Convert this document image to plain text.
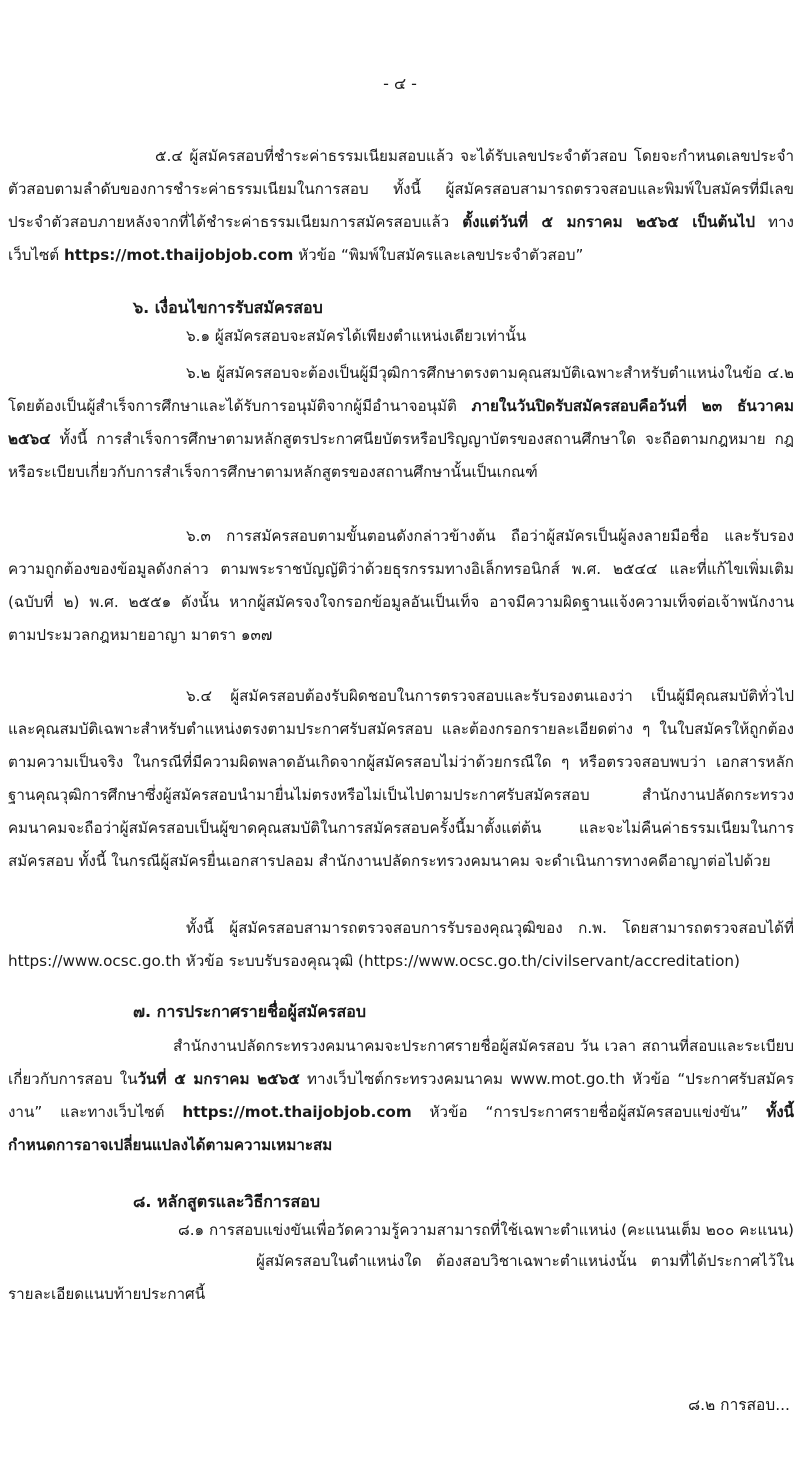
- ๔ -

๕.๔ ผู้สมัครสอบที่ชำระค่าธรรมเนียมสอบแล้ว จะได้รับเลขประจำตัวสอบ โดยจะกำหนดเลขประจำตัวสอบตามลำดับของการชำระค่าธรรมเนียมในการสอบ ทั้งนี้ ผู้สมัครสอบสามารถตรวจสอบและพิมพ์ใบสมัครที่มีเลขประจำตัวสอบภายหลังจากที่ได้ชำระค่าธรรมเนียมการสมัครสอบแล้ว ตั้งแต่วันที่ ๕ มกราคม ๒๕๖๕ เป็นต้นไป ทางเว็บไซต์ https://mot.thaijobjob.com หัวข้อ “พิมพ์ใบสมัครและเลขประจำตัวสอบ”

๖. เงื่อนไขการรับสมัครสอบ

๖.๑ ผู้สมัครสอบจะสมัครได้เพียงตำแหน่งเดียวเท่านั้น

๖.๒ ผู้สมัครสอบจะต้องเป็นผู้มีวุฒิการศึกษาตรงตามคุณสมบัติเฉพาะสำหรับตำแหน่งในข้อ ๔.๒ โดยต้องเป็นผู้สำเร็จการศึกษาและได้รับการอนุมัติจากผู้มีอำนาจอนุมัติ ภายในวันปิดรับสมัครสอบคือวันที่ ๒๓ ธันวาคม ๒๕๖๔ ทั้งนี้ การสำเร็จการศึกษาตามหลักสูตรประกาศนียบัตรหรือปริญญาบัตรของสถานศึกษาใด จะถือตามกฎหมาย กฎหรือระเบียบเกี่ยวกับการสำเร็จการศึกษาตามหลักสูตรของสถานศึกษานั้นเป็นเกณฑ์

๖.๓ การสมัครสอบตามขั้นตอนดังกล่าวข้างต้น ถือว่าผู้สมัครเป็นผู้ลงลายมือชื่อ และรับรองความถูกต้องของข้อมูลดังกล่าว ตามพระราชบัญญัติว่าด้วยธุรกรรมทางอิเล็กทรอนิกส์ พ.ศ. ๒๕๔๔ และที่แก้ไขเพิ่มเติม (ฉบับที่ ๒) พ.ศ. ๒๕๕๑ ดังนั้น หากผู้สมัครจงใจกรอกข้อมูลอันเป็นเท็จ อาจมีความผิดฐานแจ้งความเท็จต่อเจ้าพนักงาน ตามประมวลกฎหมายอาญา มาตรา ๑๓๗

๖.๔ ผู้สมัครสอบต้องรับผิดชอบในการตรวจสอบและรับรองตนเองว่า เป็นผู้มีคุณสมบัติทั่วไปและคุณสมบัติเฉพาะสำหรับตำแหน่งตรงตามประกาศรับสมัครสอบ และต้องกรอกรายละเอียดต่าง ๆ ในใบสมัครให้ถูกต้องตามความเป็นจริง ในกรณีที่มีความผิดพลาดอันเกิดจากผู้สมัครสอบไม่ว่าด้วยกรณีใด ๆ หรือตรวจสอบพบว่า เอกสารหลักฐานคุณวุฒิการศึกษาซึ่งผู้สมัครสอบนำมายื่นไม่ตรงหรือไม่เป็นไปตามประกาศรับสมัครสอบ สำนักงานปลัดกระทรวงคมนาคมจะถือว่าผู้สมัครสอบเป็นผู้ขาดคุณสมบัติในการสมัครสอบครั้งนี้มาตั้งแต่ต้น และจะไม่คืนค่าธรรมเนียมในการสมัครสอบ ทั้งนี้ ในกรณีผู้สมัครยื่นเอกสารปลอม สำนักงานปลัดกระทรวงคมนาคม จะดำเนินการทางคดีอาญาต่อไปด้วย

ทั้งนี้ ผู้สมัครสอบสามารถตรวจสอบการรับรองคุณวุฒิของ ก.พ. โดยสามารถตรวจสอบได้ที่ https://www.ocsc.go.th หัวข้อ ระบบรับรองคุณวุฒิ (https://www.ocsc.go.th/civilservant/accreditation)

๗. การประกาศรายชื่อผู้สมัครสอบ

สำนักงานปลัดกระทรวงคมนาคมจะประกาศรายชื่อผู้สมัครสอบ วัน เวลา สถานที่สอบและระเบียบเกี่ยวกับการสอบ ในวันที่ ๕ มกราคม ๒๕๖๕ ทางเว็บไซต์กระทรวงคมนาคม www.mot.go.th หัวข้อ “ประกาศรับสมัครงาน” และทางเว็บไซต์ https://mot.thaijobjob.com หัวข้อ “การประกาศรายชื่อผู้สมัครสอบแข่งขัน” ทั้งนี้ กำหนดการอาจเปลี่ยนแปลงได้ตามความเหมาะสม

๘. หลักสูตรและวิธีการสอบ

๘.๑ การสอบแข่งขันเพื่อวัดความรู้ความสามารถที่ใช้เฉพาะตำแหน่ง (คะแนนเต็ม ๒๐๐ คะแนน)

ผู้สมัครสอบในตำแหน่งใด ต้องสอบวิชาเฉพาะตำแหน่งนั้น ตามที่ได้ประกาศไว้ในรายละเอียดแนบท้ายประกาศนี้

๘.๒ การสอบ...
